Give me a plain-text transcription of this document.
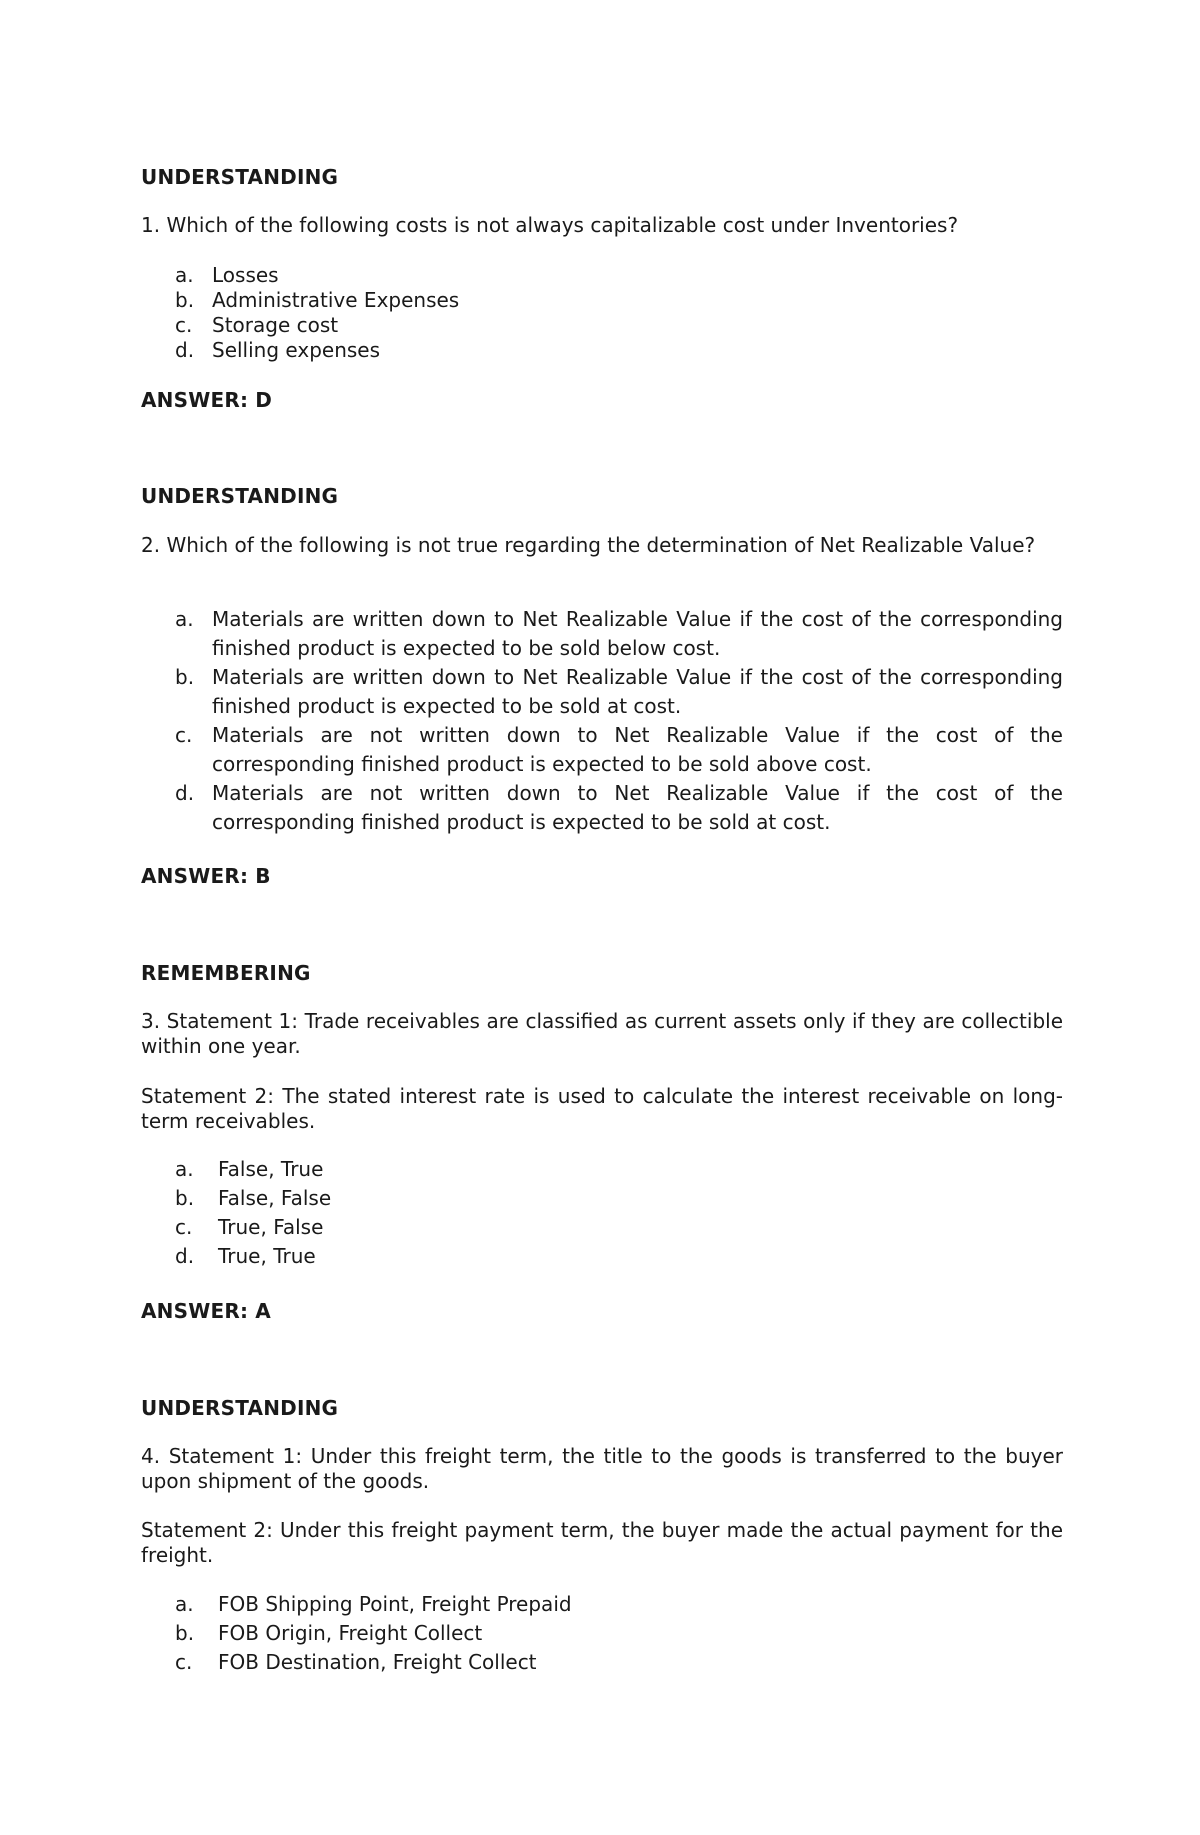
UNDERSTANDING

1. Which of the following costs is not always capitalizable cost under Inventories?

a. Losses
b. Administrative Expenses
c. Storage cost
d. Selling expenses

ANSWER: D

UNDERSTANDING

2. Which of the following is not true regarding the determination of Net Realizable Value?

a. Materials are written down to Net Realizable Value if the cost of the corresponding finished product is expected to be sold below cost.
b. Materials are written down to Net Realizable Value if the cost of the corresponding finished product is expected to be sold at cost.
c. Materials are not written down to Net Realizable Value if the cost of the corresponding finished product is expected to be sold above cost.
d. Materials are not written down to Net Realizable Value if the cost of the corresponding finished product is expected to be sold at cost.

ANSWER: B

REMEMBERING

3. Statement 1: Trade receivables are classified as current assets only if they are collectible within one year.

Statement 2: The stated interest rate is used to calculate the interest receivable on long-term receivables.

a. False, True
b. False, False
c. True, False
d. True, True

ANSWER: A

UNDERSTANDING

4. Statement 1: Under this freight term, the title to the goods is transferred to the buyer upon shipment of the goods.

Statement 2: Under this freight payment term, the buyer made the actual payment for the freight.

a. FOB Shipping Point, Freight Prepaid
b. FOB Origin, Freight Collect
c. FOB Destination, Freight Collect
